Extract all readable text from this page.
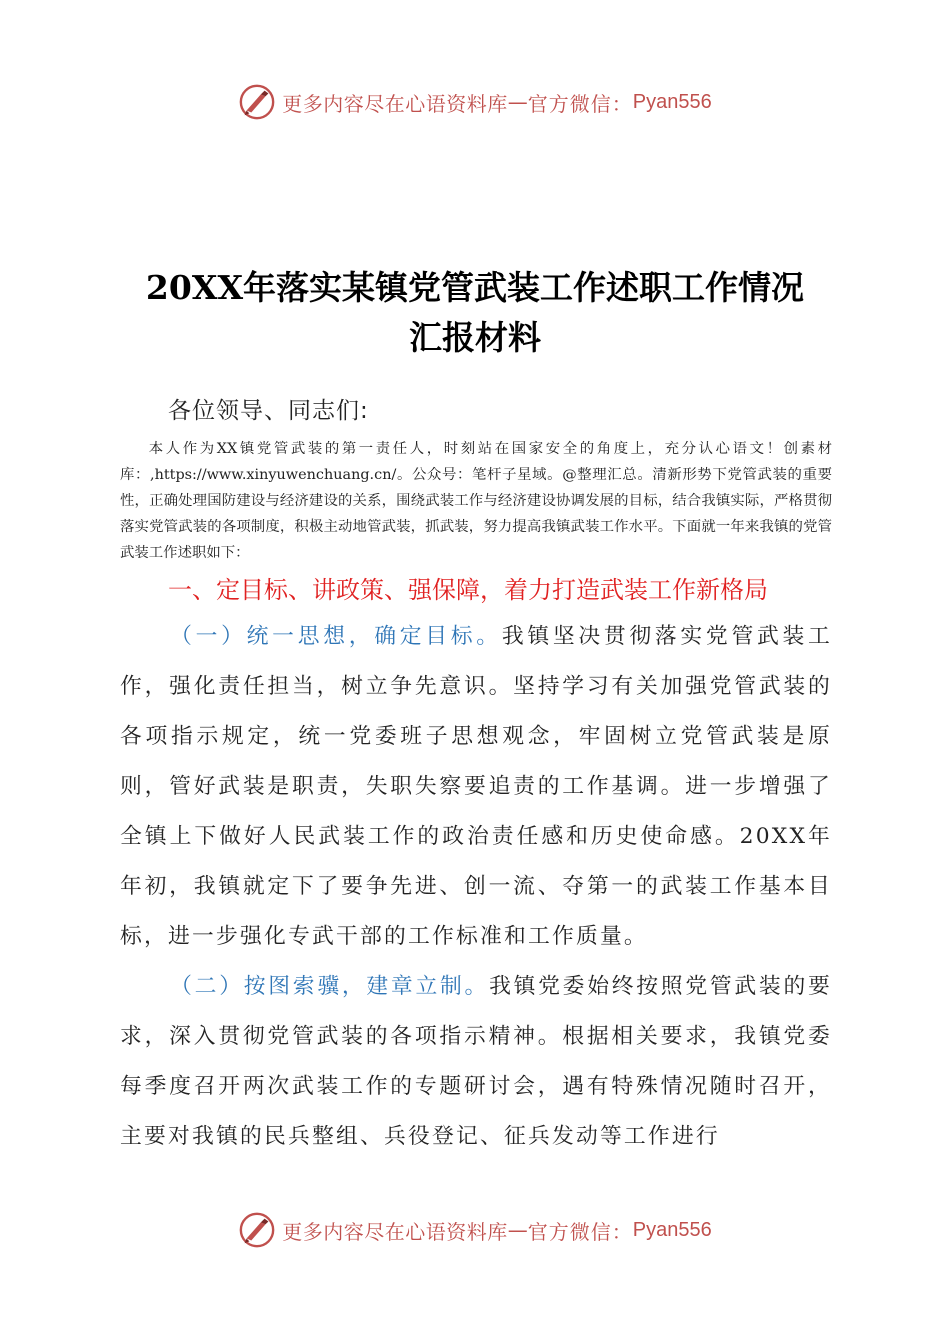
更多内容尽在心语资料库 — 官方微信： Pyan556
20XX年落实某镇党管武装工作述职工作情况
汇报材料
各位领导、同志们:
本人作为XX镇党管武装的第一责任人，时刻站在国家安全的角度上，充分认心语文！创素材库：,https://www.xinyuwenchuang.cn/。公众号：笔杆子星域。@整理汇总。清新形势下党管武装的重要性，正确处理国防建设与经济建设的关系，围绕武装工作与经济建设协调发展的目标，结合我镇实际，严格贯彻落实党管武装的各项制度，积极主动地管武装，抓武装，努力提高我镇武装工作水平。下面就一年来我镇的党管武装工作述职如下：
一、定目标、讲政策、强保障，着力打造武装工作新格局

（一）统一思想，确定目标。我镇坚决贯彻落实党管武装工作，强化责任担当，树立争先意识。坚持学习有关加强党管武装的各项指示规定，统一党委班子思想观念，牢固树立党管武装是原则，管好武装是职责，失职失察要追责的工作基调。进一步增强了全镇上下做好人民武装工作的政治责任感和历史使命感。20XX年年初，我镇就定下了要争先进、创一流、夺第一的武装工作基本目标，进一步强化专武干部的工作标准和工作质量。

（二）按图索骥，建章立制。我镇党委始终按照党管武装的要求，深入贯彻党管武装的各项指示精神。根据相关要求，我镇党委每季度召开两次武装工作的专题研讨会，遇有特殊情况随时召开，主要对我镇的民兵整组、兵役登记、征兵发动等工作进行

更多内容尽在心语资料库 — 官方微信： Pyan556
